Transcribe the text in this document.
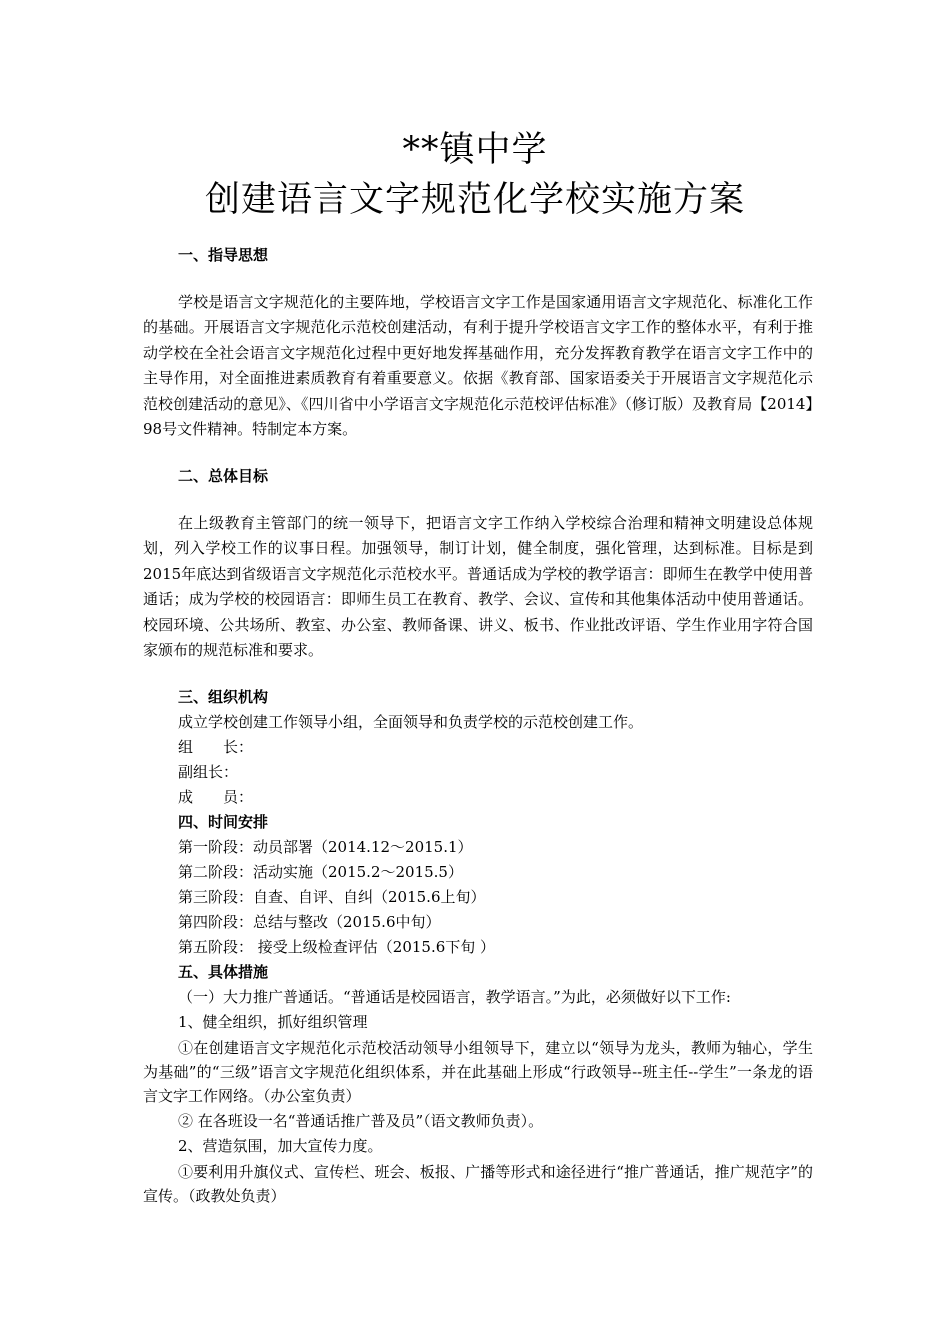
**镇中学
创建语言文字规范化学校实施方案
一、指导思想
学校是语言文字规范化的主要阵地，学校语言文字工作是国家通用语言文字规范化、标准化工作的基础。开展语言文字规范化示范校创建活动，有利于提升学校语言文字工作的整体水平，有利于推动学校在全社会语言文字规范化过程中更好地发挥基础作用，充分发挥教育教学在语言文字工作中的主导作用，对全面推进素质教育有着重要意义。依据《教育部、国家语委关于开展语言文字规范化示范校创建活动的意见》、《四川省中小学语言文字规范化示范校评估标准》（修订版）及教育局【2014】98号文件精神。特制定本方案。
二、总体目标
在上级教育主管部门的统一领导下，把语言文字工作纳入学校综合治理和精神文明建设总体规划，列入学校工作的议事日程。加强领导，制订计划，健全制度，强化管理，达到标准。目标是到2015年底达到省级语言文字规范化示范校水平。普通话成为学校的教学语言：即师生在教学中使用普通话；成为学校的校园语言：即师生员工在教育、教学、会议、宣传和其他集体活动中使用普通话。校园环境、公共场所、教室、办公室、教师备课、讲义、板书、作业批改评语、学生作业用字符合国家颁布的规范标准和要求。
三、组织机构
成立学校创建工作领导小组，全面领导和负责学校的示范校创建工作。
组　　长：
副组长：
成　　员：
四、时间安排
第一阶段：动员部署（2014.12～2015.1）
第二阶段：活动实施（2015.2～2015.5）
第三阶段：自查、自评、自纠（2015.6上旬）
第四阶段：总结与整改（2015.6中旬）
第五阶段： 接受上级检查评估（2015.6下旬 ）
五、具体措施
（一）大力推广普通话。“普通话是校园语言，教学语言。”为此，必须做好以下工作:
1、健全组织，抓好组织管理
①在创建语言文字规范化示范校活动领导小组领导下，建立以“领导为龙头，教师为轴心，学生为基础”的“三级”语言文字规范化组织体系，并在此基础上形成“行政领导--班主任--学生”一条龙的语言文字工作网络。（办公室负责）
② 在各班设一名“普通话推广普及员”（语文教师负责）。
2、营造氛围，加大宣传力度。
①要利用升旗仪式、宣传栏、班会、板报、广播等形式和途径进行“推广普通话，推广规范字”的宣传。（政教处负责）
